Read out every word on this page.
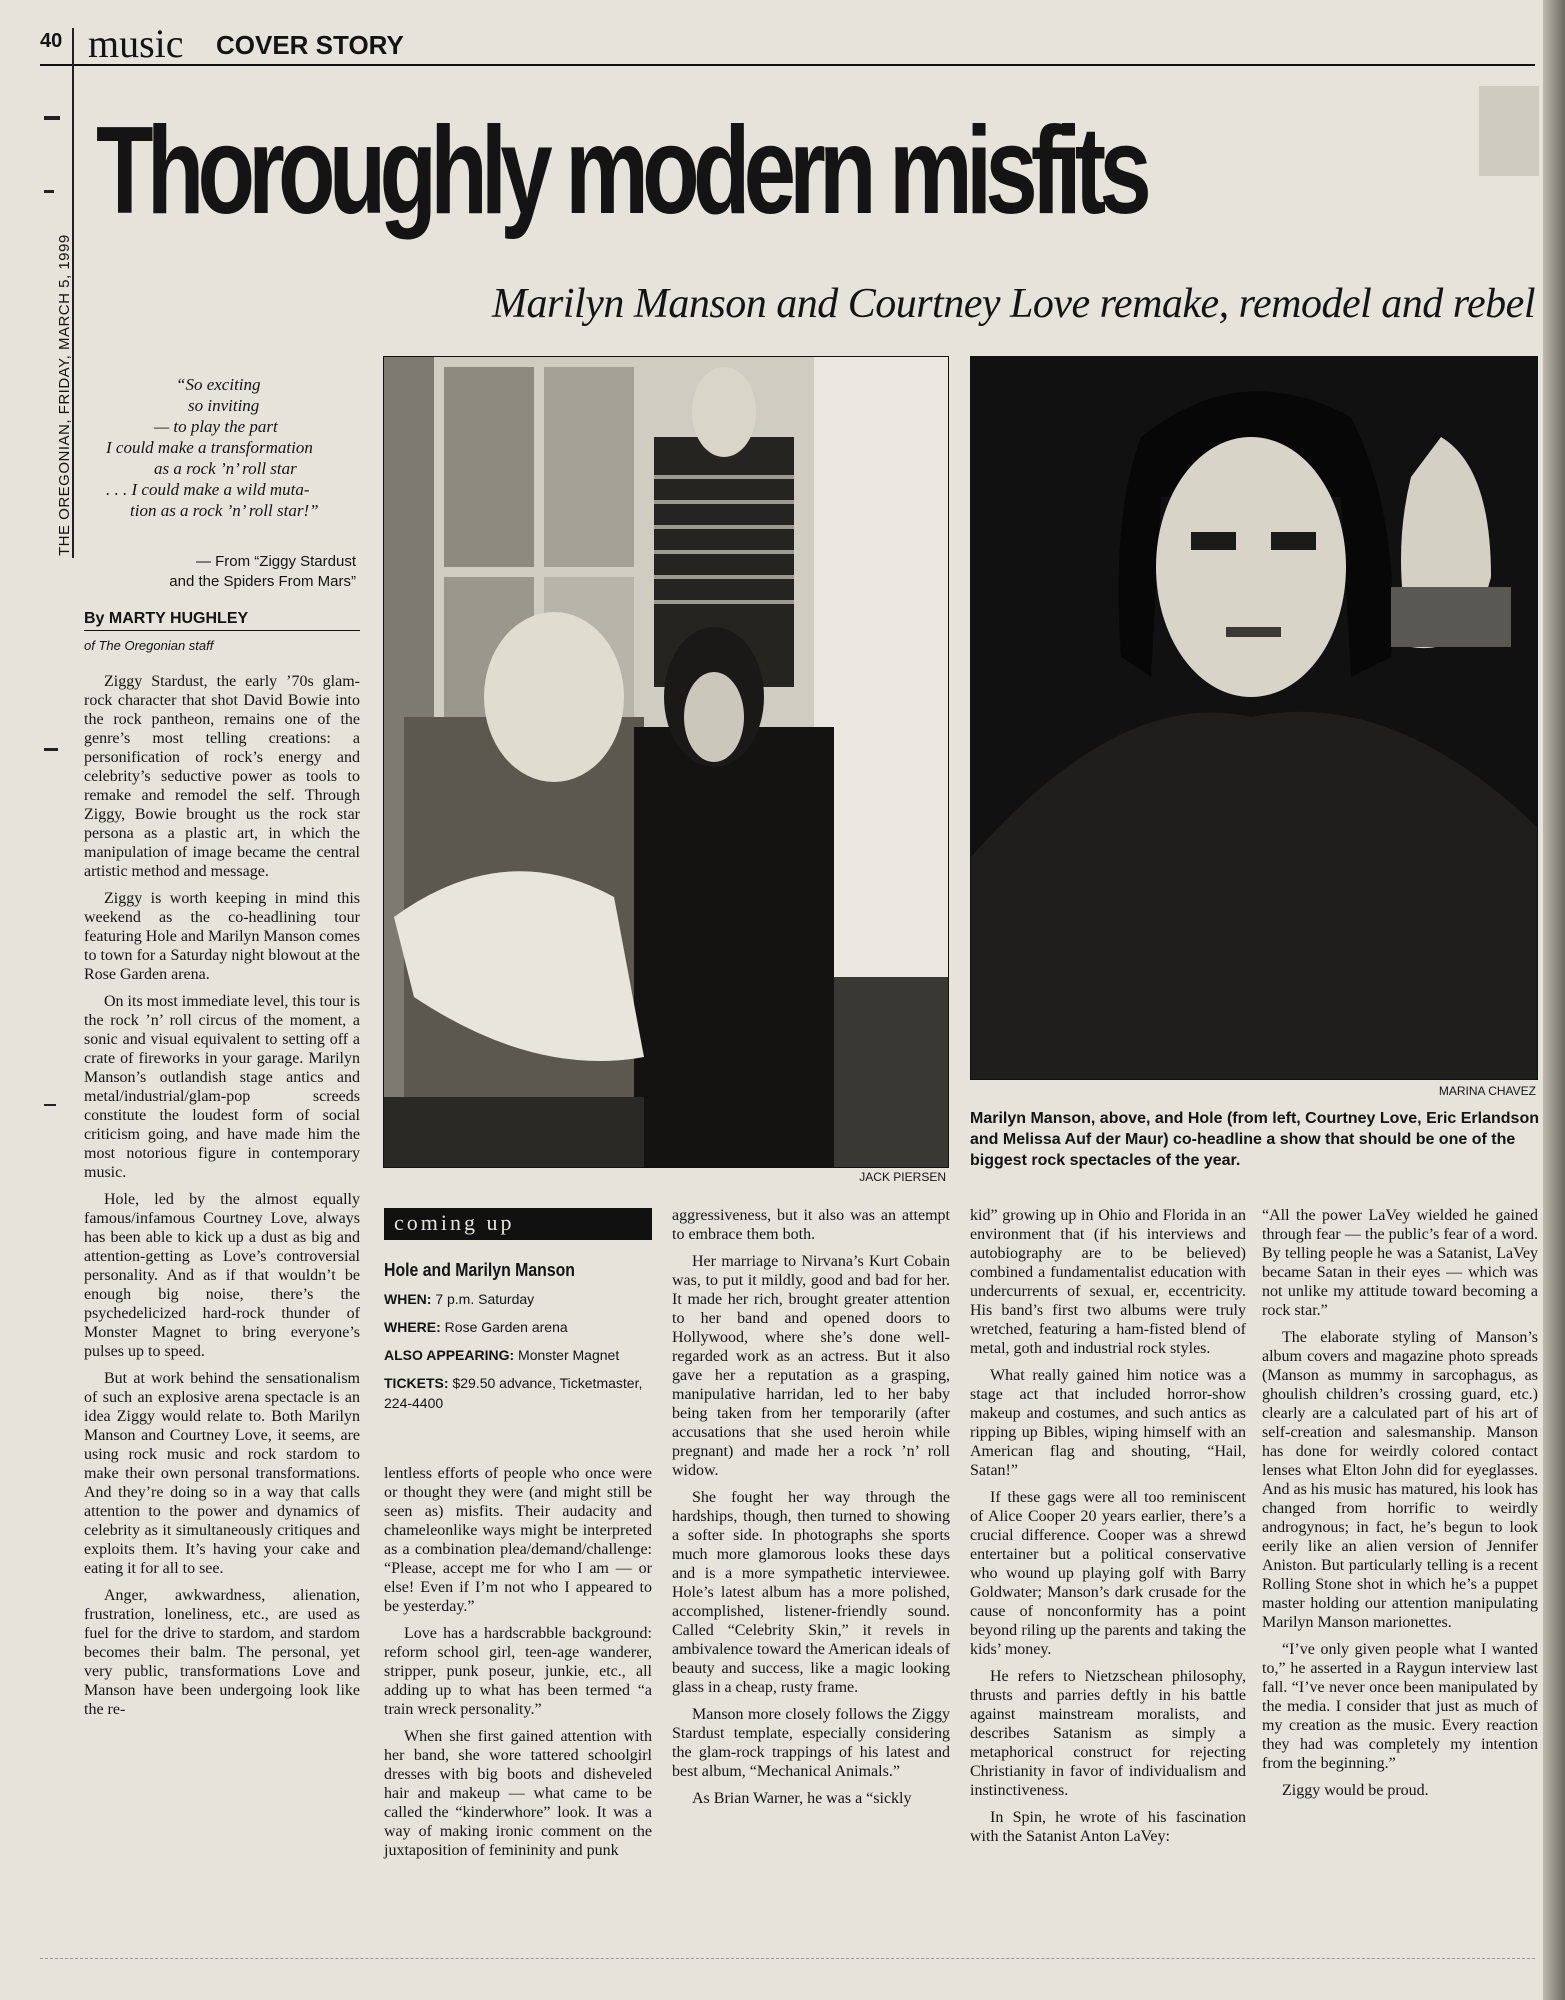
40 music COVER STORY
THE OREGONIAN, FRIDAY, MARCH 5, 1999
Thoroughly modern misfits
Marilyn Manson and Courtney Love remake, remodel and rebel
JACK PIERSEN
MARINA CHAVEZ
Marilyn Manson, above, and Hole (from left, Courtney Love, Eric Erlandson and Melissa Auf der Maur) co-headline a show that should be one of the biggest rock spectacles of the year.
“So exciting
so inviting
— to play the part
I could make a transformation
as a rock ’n’ roll star
. . . I could make a wild muta-
tion as a rock ’n’ roll star!”
— From “Ziggy Stardust
and the Spiders From Mars”
By MARTY HUGHLEY
of The Oregonian staff

Ziggy Stardust, the early ’70s glam-rock character that shot David Bowie into the rock pantheon, remains one of the genre’s most telling creations: a personification of rock’s energy and celebrity’s seductive power as tools to remake and remodel the self. Through Ziggy, Bowie brought us the rock star persona as a plastic art, in which the manipulation of image became the central artistic method and message.

Ziggy is worth keeping in mind this weekend as the co-headlining tour featuring Hole and Marilyn Manson comes to town for a Saturday night blowout at the Rose Garden arena.

On its most immediate level, this tour is the rock ’n’ roll circus of the moment, a sonic and visual equivalent to setting off a crate of fireworks in your garage. Marilyn Manson’s outlandish stage antics and metal/industrial/glam-pop screeds constitute the loudest form of social criticism going, and have made him the most notorious figure in contemporary music.

Hole, led by the almost equally famous/infamous Courtney Love, always has been able to kick up a dust as big and attention-getting as Love’s controversial personality. And as if that wouldn’t be enough big noise, there’s the psychedelicized hard-rock thunder of Monster Magnet to bring everyone’s pulses up to speed.

But at work behind the sensationalism of such an explosive arena spectacle is an idea Ziggy would relate to. Both Marilyn Manson and Courtney Love, it seems, are using rock music and rock stardom to make their own personal transformations. And they’re doing so in a way that calls attention to the power and dynamics of celebrity as it simultaneously critiques and exploits them. It’s having your cake and eating it for all to see.

Anger, awkwardness, alienation, frustration, loneliness, etc., are used as fuel for the drive to stardom, and stardom becomes their balm. The personal, yet very public, transformations Love and Manson have been undergoing look like the re-

coming up
Hole and Marilyn Manson
WHEN: 7 p.m. Saturday
WHERE: Rose Garden arena
ALSO APPEARING: Monster Magnet
TICKETS: $29.50 advance, Ticketmaster, 224-4400

lentless efforts of people who once were or thought they were (and might still be seen as) misfits. Their audacity and chameleonlike ways might be interpreted as a combination plea/demand/challenge: “Please, accept me for who I am — or else! Even if I’m not who I appeared to be yesterday.”

Love has a hardscrabble background: reform school girl, teen-age wanderer, stripper, punk poseur, junkie, etc., all adding up to what has been termed “a train wreck personality.”

When she first gained attention with her band, she wore tattered schoolgirl dresses with big boots and disheveled hair and makeup — what came to be called the “kinderwhore” look. It was a way of making ironic comment on the juxtaposition of femininity and punk

aggressiveness, but it also was an attempt to embrace them both.

Her marriage to Nirvana’s Kurt Cobain was, to put it mildly, good and bad for her. It made her rich, brought greater attention to her band and opened doors to Hollywood, where she’s done well-regarded work as an actress. But it also gave her a reputation as a grasping, manipulative harridan, led to her baby being taken from her temporarily (after accusations that she used heroin while pregnant) and made her a rock ’n’ roll widow.

She fought her way through the hardships, though, then turned to showing a softer side. In photographs she sports much more glamorous looks these days and is a more sympathetic interviewee. Hole’s latest album has a more polished, accomplished, listener-friendly sound. Called “Celebrity Skin,” it revels in ambivalence toward the American ideals of beauty and success, like a magic looking glass in a cheap, rusty frame.

Manson more closely follows the Ziggy Stardust template, especially considering the glam-rock trappings of his latest and best album, “Mechanical Animals.”

As Brian Warner, he was a “sickly

kid” growing up in Ohio and Florida in an environment that (if his interviews and autobiography are to be believed) combined a fundamentalist education with undercurrents of sexual, er, eccentricity. His band’s first two albums were truly wretched, featuring a ham-fisted blend of metal, goth and industrial rock styles.

What really gained him notice was a stage act that included horror-show makeup and costumes, and such antics as ripping up Bibles, wiping himself with an American flag and shouting, “Hail, Satan!”

If these gags were all too reminiscent of Alice Cooper 20 years earlier, there’s a crucial difference. Cooper was a shrewd entertainer but a political conservative who wound up playing golf with Barry Goldwater; Manson’s dark crusade for the cause of nonconformity has a point beyond riling up the parents and taking the kids’ money.

He refers to Nietzschean philosophy, thrusts and parries deftly in his battle against mainstream moralists, and describes Satanism as simply a metaphorical construct for rejecting Christianity in favor of individualism and instinctiveness.

In Spin, he wrote of his fascination with the Satanist Anton LaVey:

“All the power LaVey wielded he gained through fear — the public’s fear of a word. By telling people he was a Satanist, LaVey became Satan in their eyes — which was not unlike my attitude toward becoming a rock star.”

The elaborate styling of Manson’s album covers and magazine photo spreads (Manson as mummy in sarcophagus, as ghoulish children’s crossing guard, etc.) clearly are a calculated part of his art of self-creation and salesmanship. Manson has done for weirdly colored contact lenses what Elton John did for eyeglasses. And as his music has matured, his look has changed from horrific to weirdly androgynous; in fact, he’s begun to look eerily like an alien version of Jennifer Aniston. But particularly telling is a recent Rolling Stone shot in which he’s a puppet master holding our attention manipulating Marilyn Manson marionettes.

“I’ve only given people what I wanted to,” he asserted in a Raygun interview last fall. “I’ve never once been manipulated by the media. I consider that just as much of my creation as the music. Every reaction they had was completely my intention from the beginning.”

Ziggy would be proud.
